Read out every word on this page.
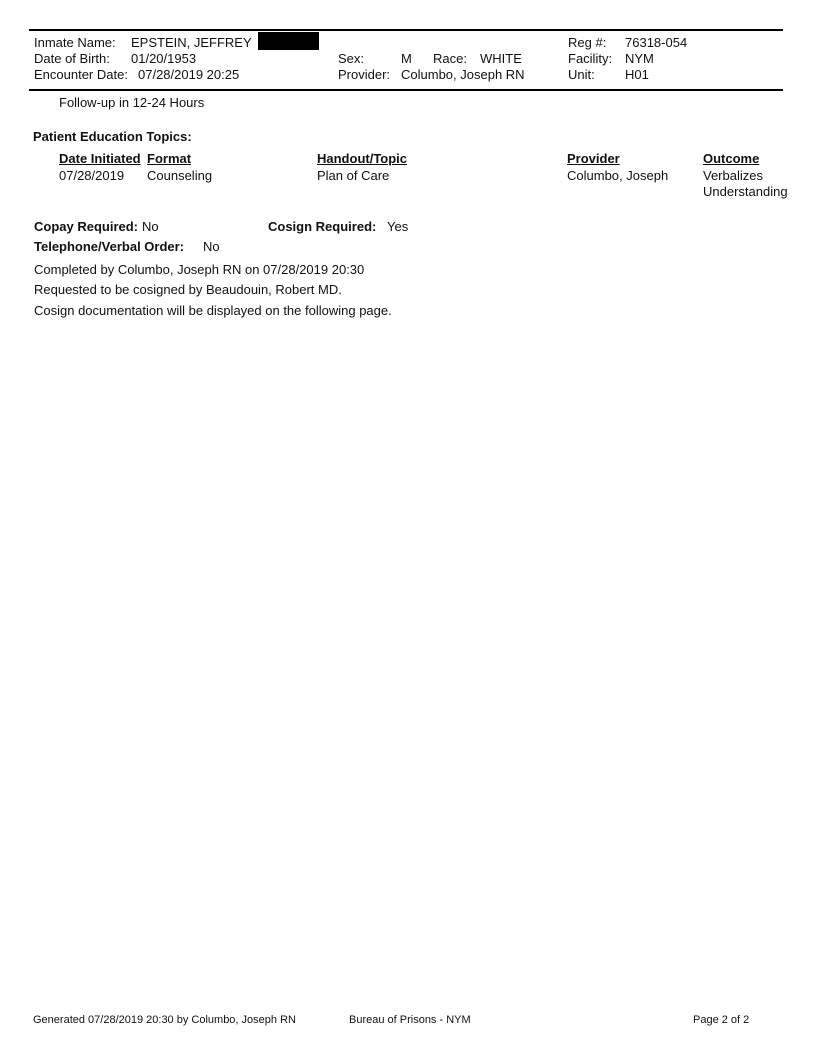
Inmate Name: EPSTEIN, JEFFREY
Date of Birth: 01/20/1953
Encounter Date: 07/28/2019 20:25
Sex:	M Race: WHITE
Provider: Columbo, Joseph RN
Reg #: 76318-054
Facility: NYM
Unit: H01
Follow-up in 12-24 Hours
Patient Education Topics:
Date Initiated Format	Handout/Topic	Provider	Outcome
07/28/2019 Counseling	Plan of Care	Columbo, Joseph	Verbalizes
Understanding
Copay Required: No	Cosign Required: Yes
Telephone/Verbal Order: No
Completed by Columbo, Joseph RN on 07/28/2019 20:30
Requested to be cosigned by Beaudouin, Robert MD.
Cosign documentation will be displayed on the following page.
Generated 07/28/2019 20:30 by Columbo, Joseph RN	Bureau of Prisons - NYM	Page 2 of 2
